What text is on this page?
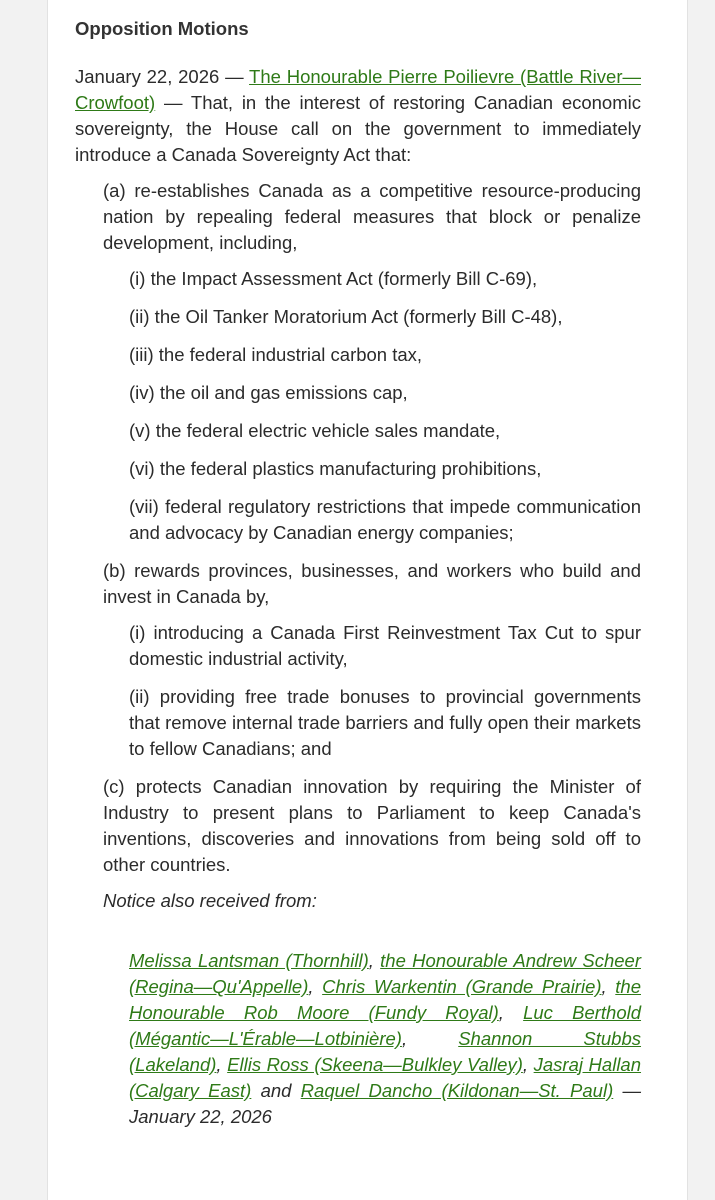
Opposition Motions

January 22, 2026 — The Honourable Pierre Poilievre (Battle River—Crowfoot) — That, in the interest of restoring Canadian economic sovereignty, the House call on the government to immediately introduce a Canada Sovereignty Act that:

(a) re-establishes Canada as a competitive resource-producing nation by repealing federal measures that block or penalize development, including,

(i) the Impact Assessment Act (formerly Bill C-69),

(ii) the Oil Tanker Moratorium Act (formerly Bill C-48),

(iii) the federal industrial carbon tax,

(iv) the oil and gas emissions cap,

(v) the federal electric vehicle sales mandate,

(vi) the federal plastics manufacturing prohibitions,

(vii) federal regulatory restrictions that impede communication and advocacy by Canadian energy companies;

(b) rewards provinces, businesses, and workers who build and invest in Canada by,

(i) introducing a Canada First Reinvestment Tax Cut to spur domestic industrial activity,

(ii) providing free trade bonuses to provincial governments that remove internal trade barriers and fully open their markets to fellow Canadians; and

(c) protects Canadian innovation by requiring the Minister of Industry to present plans to Parliament to keep Canada's inventions, discoveries and innovations from being sold off to other countries.

Notice also received from:

Melissa Lantsman (Thornhill), the Honourable Andrew Scheer (Regina—Qu'Appelle), Chris Warkentin (Grande Prairie), the Honourable Rob Moore (Fundy Royal), Luc Berthold (Mégantic—L'Érable—Lotbinière), Shannon Stubbs (Lakeland), Ellis Ross (Skeena—Bulkley Valley), Jasraj Hallan (Calgary East) and Raquel Dancho (Kildonan—St. Paul) — January 22, 2026
